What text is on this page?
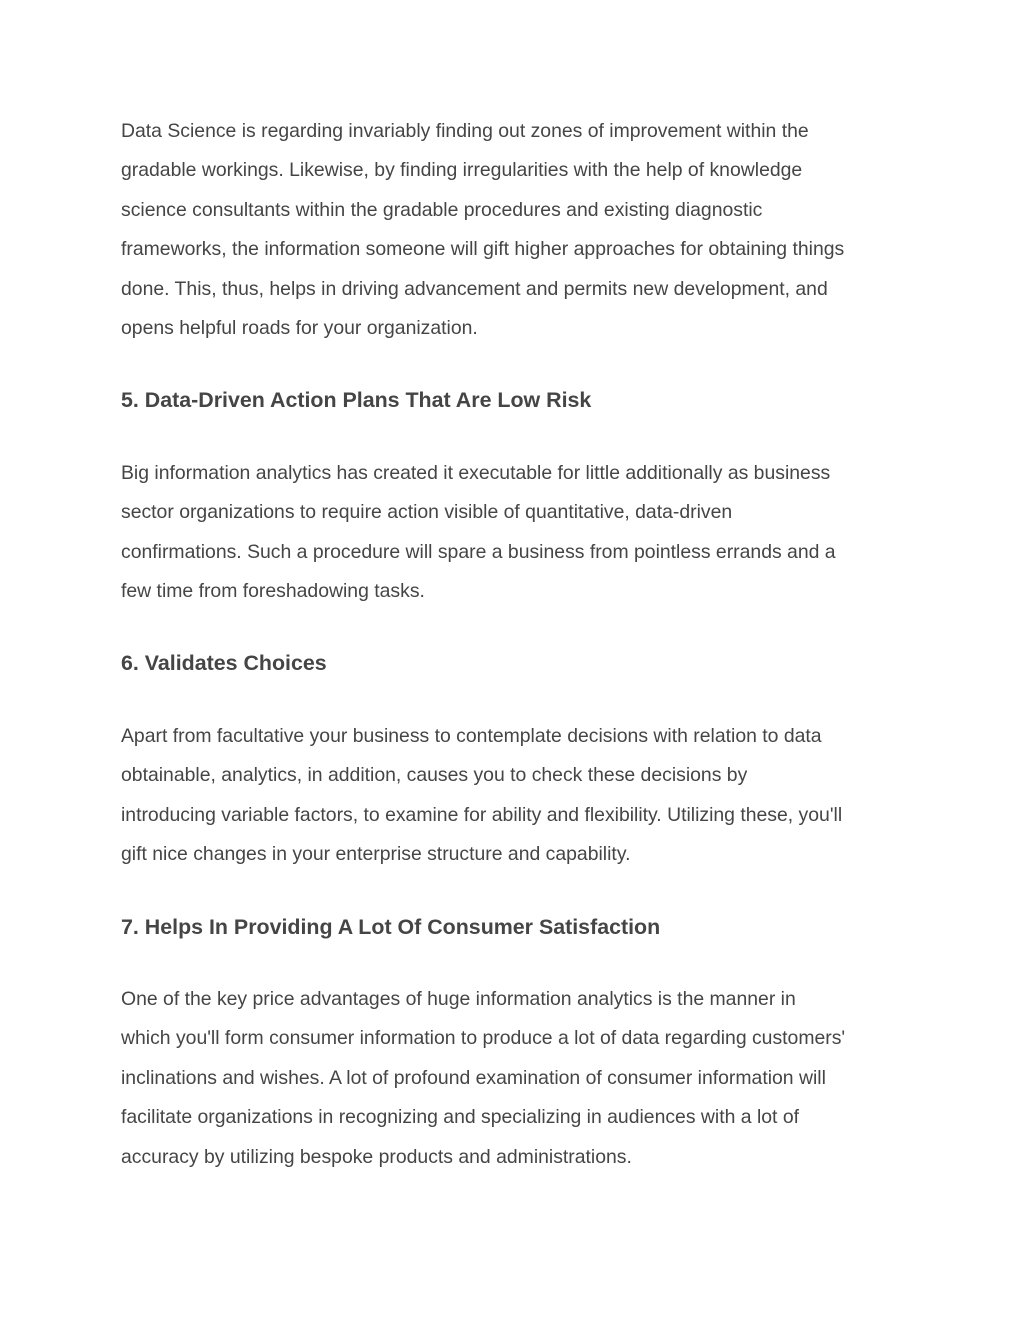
Data Science is regarding invariably finding out zones of improvement within the
gradable workings. Likewise, by finding irregularities with the help of knowledge
science consultants within the gradable procedures and existing diagnostic
frameworks, the information someone will gift higher approaches for obtaining things
done. This, thus, helps in driving advancement and permits new development, and
opens helpful roads for your organization.

5. Data-Driven Action Plans That Are Low Risk

Big information analytics has created it executable for little additionally as business
sector organizations to require action visible of quantitative, data-driven
confirmations. Such a procedure will spare a business from pointless errands and a
few time from foreshadowing tasks.

6. Validates Choices

Apart from facultative your business to contemplate decisions with relation to data
obtainable, analytics, in addition, causes you to check these decisions by
introducing variable factors, to examine for ability and flexibility. Utilizing these, you'll
gift nice changes in your enterprise structure and capability.

7. Helps In Providing A Lot Of Consumer Satisfaction

One of the key price advantages of huge information analytics is the manner in
which you'll form consumer information to produce a lot of data regarding customers'
inclinations and wishes. A lot of profound examination of consumer information will
facilitate organizations in recognizing and specializing in audiences with a lot of
accuracy by utilizing bespoke products and administrations.
